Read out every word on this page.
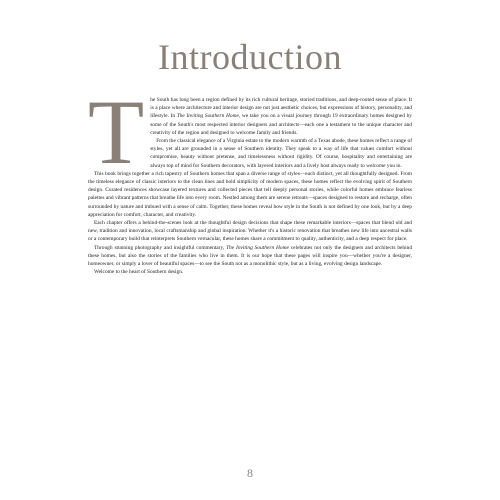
Introduction

T he South has long been a region defined by its rich cultural heritage, storied traditions, and deep-rooted sense of place. It is a place where architecture and interior design are not just aesthetic choices, but expressions of history, personality, and lifestyle. In The Inviting Southern Home, we take you on a visual journey through 19 extraordinary homes designed by some of the South's most respected interior designers and architects—each one a testament to the unique character and creativity of the region and designed to welcome family and friends.

From the classical elegance of a Virginia estate to the modern warmth of a Texas abode, these homes reflect a range of styles, yet all are grounded in a sense of Southern identity. They speak to a way of life that values comfort without compromise, beauty without pretense, and timelessness without rigidity. Of course, hospitality and entertaining are always top of mind for Southern decorators, with layered interiors and a lively host always ready to welcome you in.

This book brings together a rich tapestry of Southern homes that span a diverse range of styles—each distinct, yet all thoughtfully designed. From the timeless elegance of classic interiors to the clean lines and bold simplicity of modern spaces, these homes reflect the evolving spirit of Southern design. Curated residences showcase layered textures and collected pieces that tell deeply personal stories, while colorful homes embrace fearless palettes and vibrant patterns that breathe life into every room. Nestled among them are serene retreats—spaces designed to restore and recharge, often surrounded by nature and imbued with a sense of calm. Together, these homes reveal how style in the South is not defined by one look, but by a deep appreciation for comfort, character, and creativity.

Each chapter offers a behind-the-scenes look at the thoughtful design decisions that shape these remarkable interiors—spaces that blend old and new, tradition and innovation, local craftsmanship and global inspiration. Whether it's a historic renovation that breathes new life into ancestral walls or a contemporary build that reinterprets Southern vernacular, these homes share a commitment to quality, authenticity, and a deep respect for place.

Through stunning photography and insightful commentary, The Inviting Southern Home celebrates not only the designers and architects behind these homes, but also the stories of the families who live in them. It is our hope that these pages will inspire you—whether you're a designer, homeowner, or simply a lover of beautiful spaces—to see the South not as a monolithic style, but as a living, evolving design landscape.

Welcome to the heart of Southern design.

8
